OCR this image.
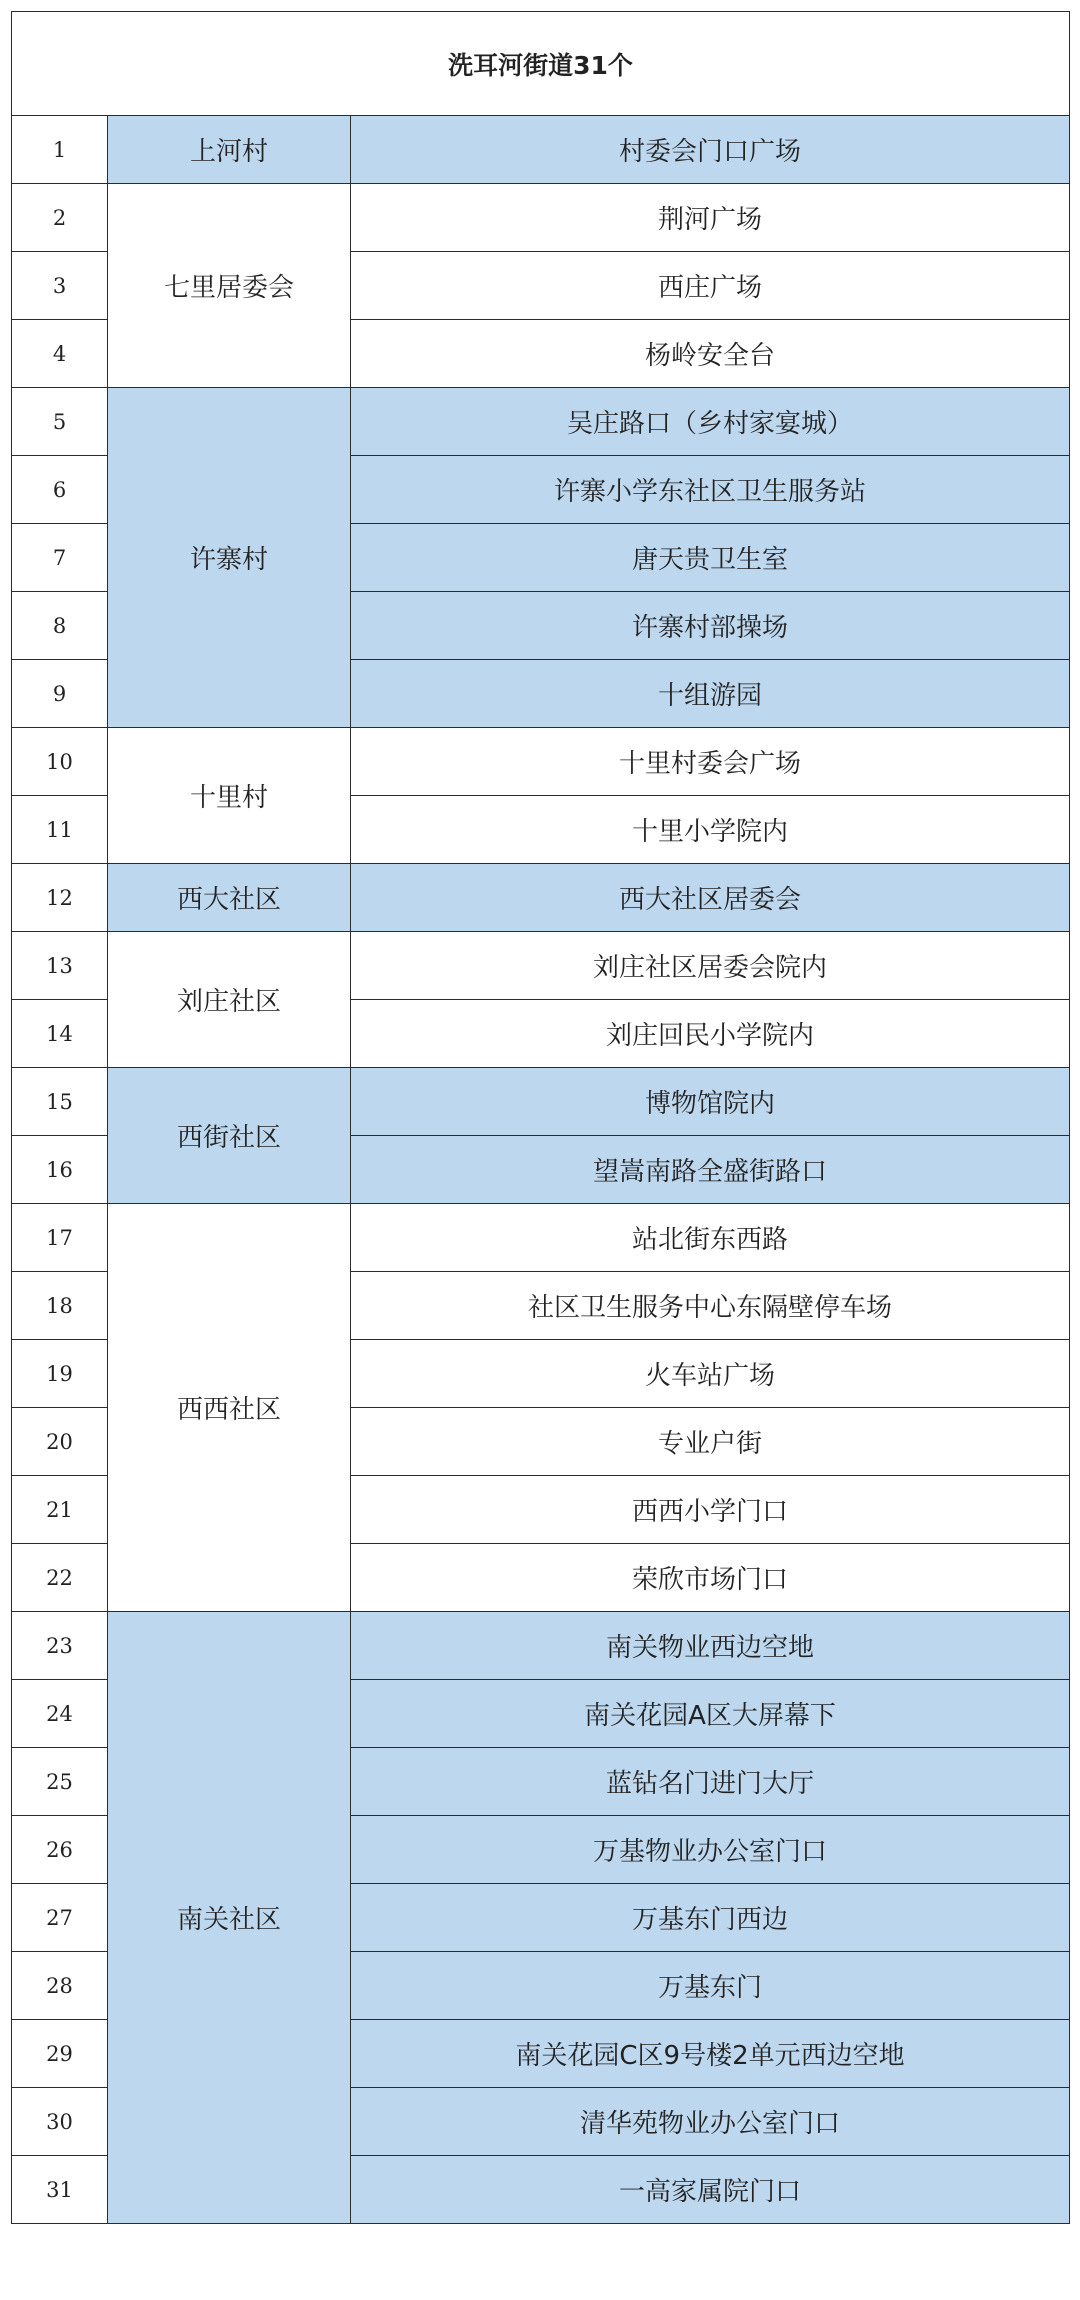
洗耳河街道31个		
1	上河村	村委会门口广场
2	七里居委会	荆河广场
3		西庄广场
4		杨岭安全台
5	许寨村	吴庄路口（乡村家宴城）
6		许寨小学东社区卫生服务站
7		唐天贵卫生室
8		许寨村部操场
9		十组游园
10	十里村	十里村委会广场
11		十里小学院内
12	西大社区	西大社区居委会
13	刘庄社区	刘庄社区居委会院内
14		刘庄回民小学院内
15	西街社区	博物馆院内
16		望嵩南路全盛街路口
17	西西社区	站北街东西路
18		社区卫生服务中心东隔壁停车场
19		火车站广场
20		专业户街
21		西西小学门口
22		荣欣市场门口
23	南关社区	南关物业西边空地
24		南关花园A区大屏幕下
25		蓝钻名门进门大厅
26		万基物业办公室门口
27		万基东门西边
28		万基东门
29		南关花园C区9号楼2单元西边空地
30		清华苑物业办公室门口
31		一高家属院门口
